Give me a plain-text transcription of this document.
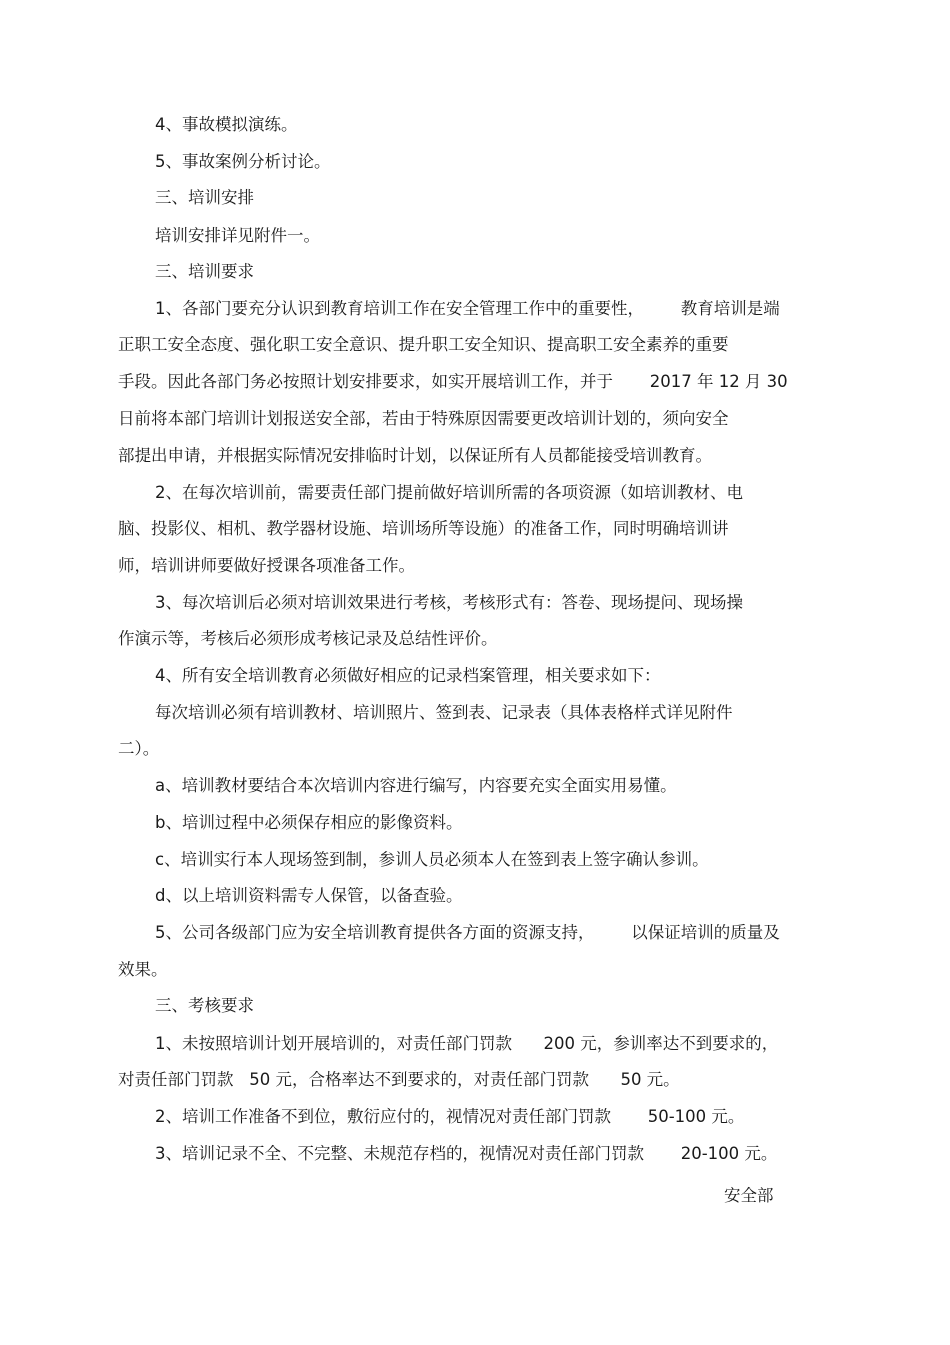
4、事故模拟演练。

5、事故案例分析讨论。

三、培训安排

培训安排详见附件一。

三、培训要求

1、各部门要充分认识到教育培训工作在安全管理工作中的重要性，       教育培训是端

正职工安全态度、强化职工安全意识、提升职工安全知识、提高职工安全素养的重要

手段。因此各部门务必按照计划安排要求，如实开展培训工作，并于       2017 年 12 月 30

日前将本部门培训计划报送安全部，若由于特殊原因需要更改培训计划的，须向安全

部提出申请，并根据实际情况安排临时计划，以保证所有人员都能接受培训教育。

2、在每次培训前，需要责任部门提前做好培训所需的各项资源（如培训教材、电

脑、投影仪、相机、教学器材设施、培训场所等设施）的准备工作，同时明确培训讲

师，培训讲师要做好授课各项准备工作。

3、每次培训后必须对培训效果进行考核，考核形式有：答卷、现场提问、现场操

作演示等，考核后必须形成考核记录及总结性评价。

4、所有安全培训教育必须做好相应的记录档案管理，相关要求如下：

每次培训必须有培训教材、培训照片、签到表、记录表（具体表格样式详见附件

二）。

a、培训教材要结合本次培训内容进行编写，内容要充实全面实用易懂。

b、培训过程中必须保存相应的影像资料。

c、培训实行本人现场签到制，参训人员必须本人在签到表上签字确认参训。

d、以上培训资料需专人保管，以备查验。

5、公司各级部门应为安全培训教育提供各方面的资源支持，       以保证培训的质量及

效果。

三、考核要求

1、未按照培训计划开展培训的，对责任部门罚款      200 元，参训率达不到要求的，

对责任部门罚款   50 元，合格率达不到要求的，对责任部门罚款      50 元。

2、培训工作准备不到位，敷衍应付的，视情况对责任部门罚款       50-100 元。

3、培训记录不全、不完整、未规范存档的，视情况对责任部门罚款       20-100 元。

安全部
